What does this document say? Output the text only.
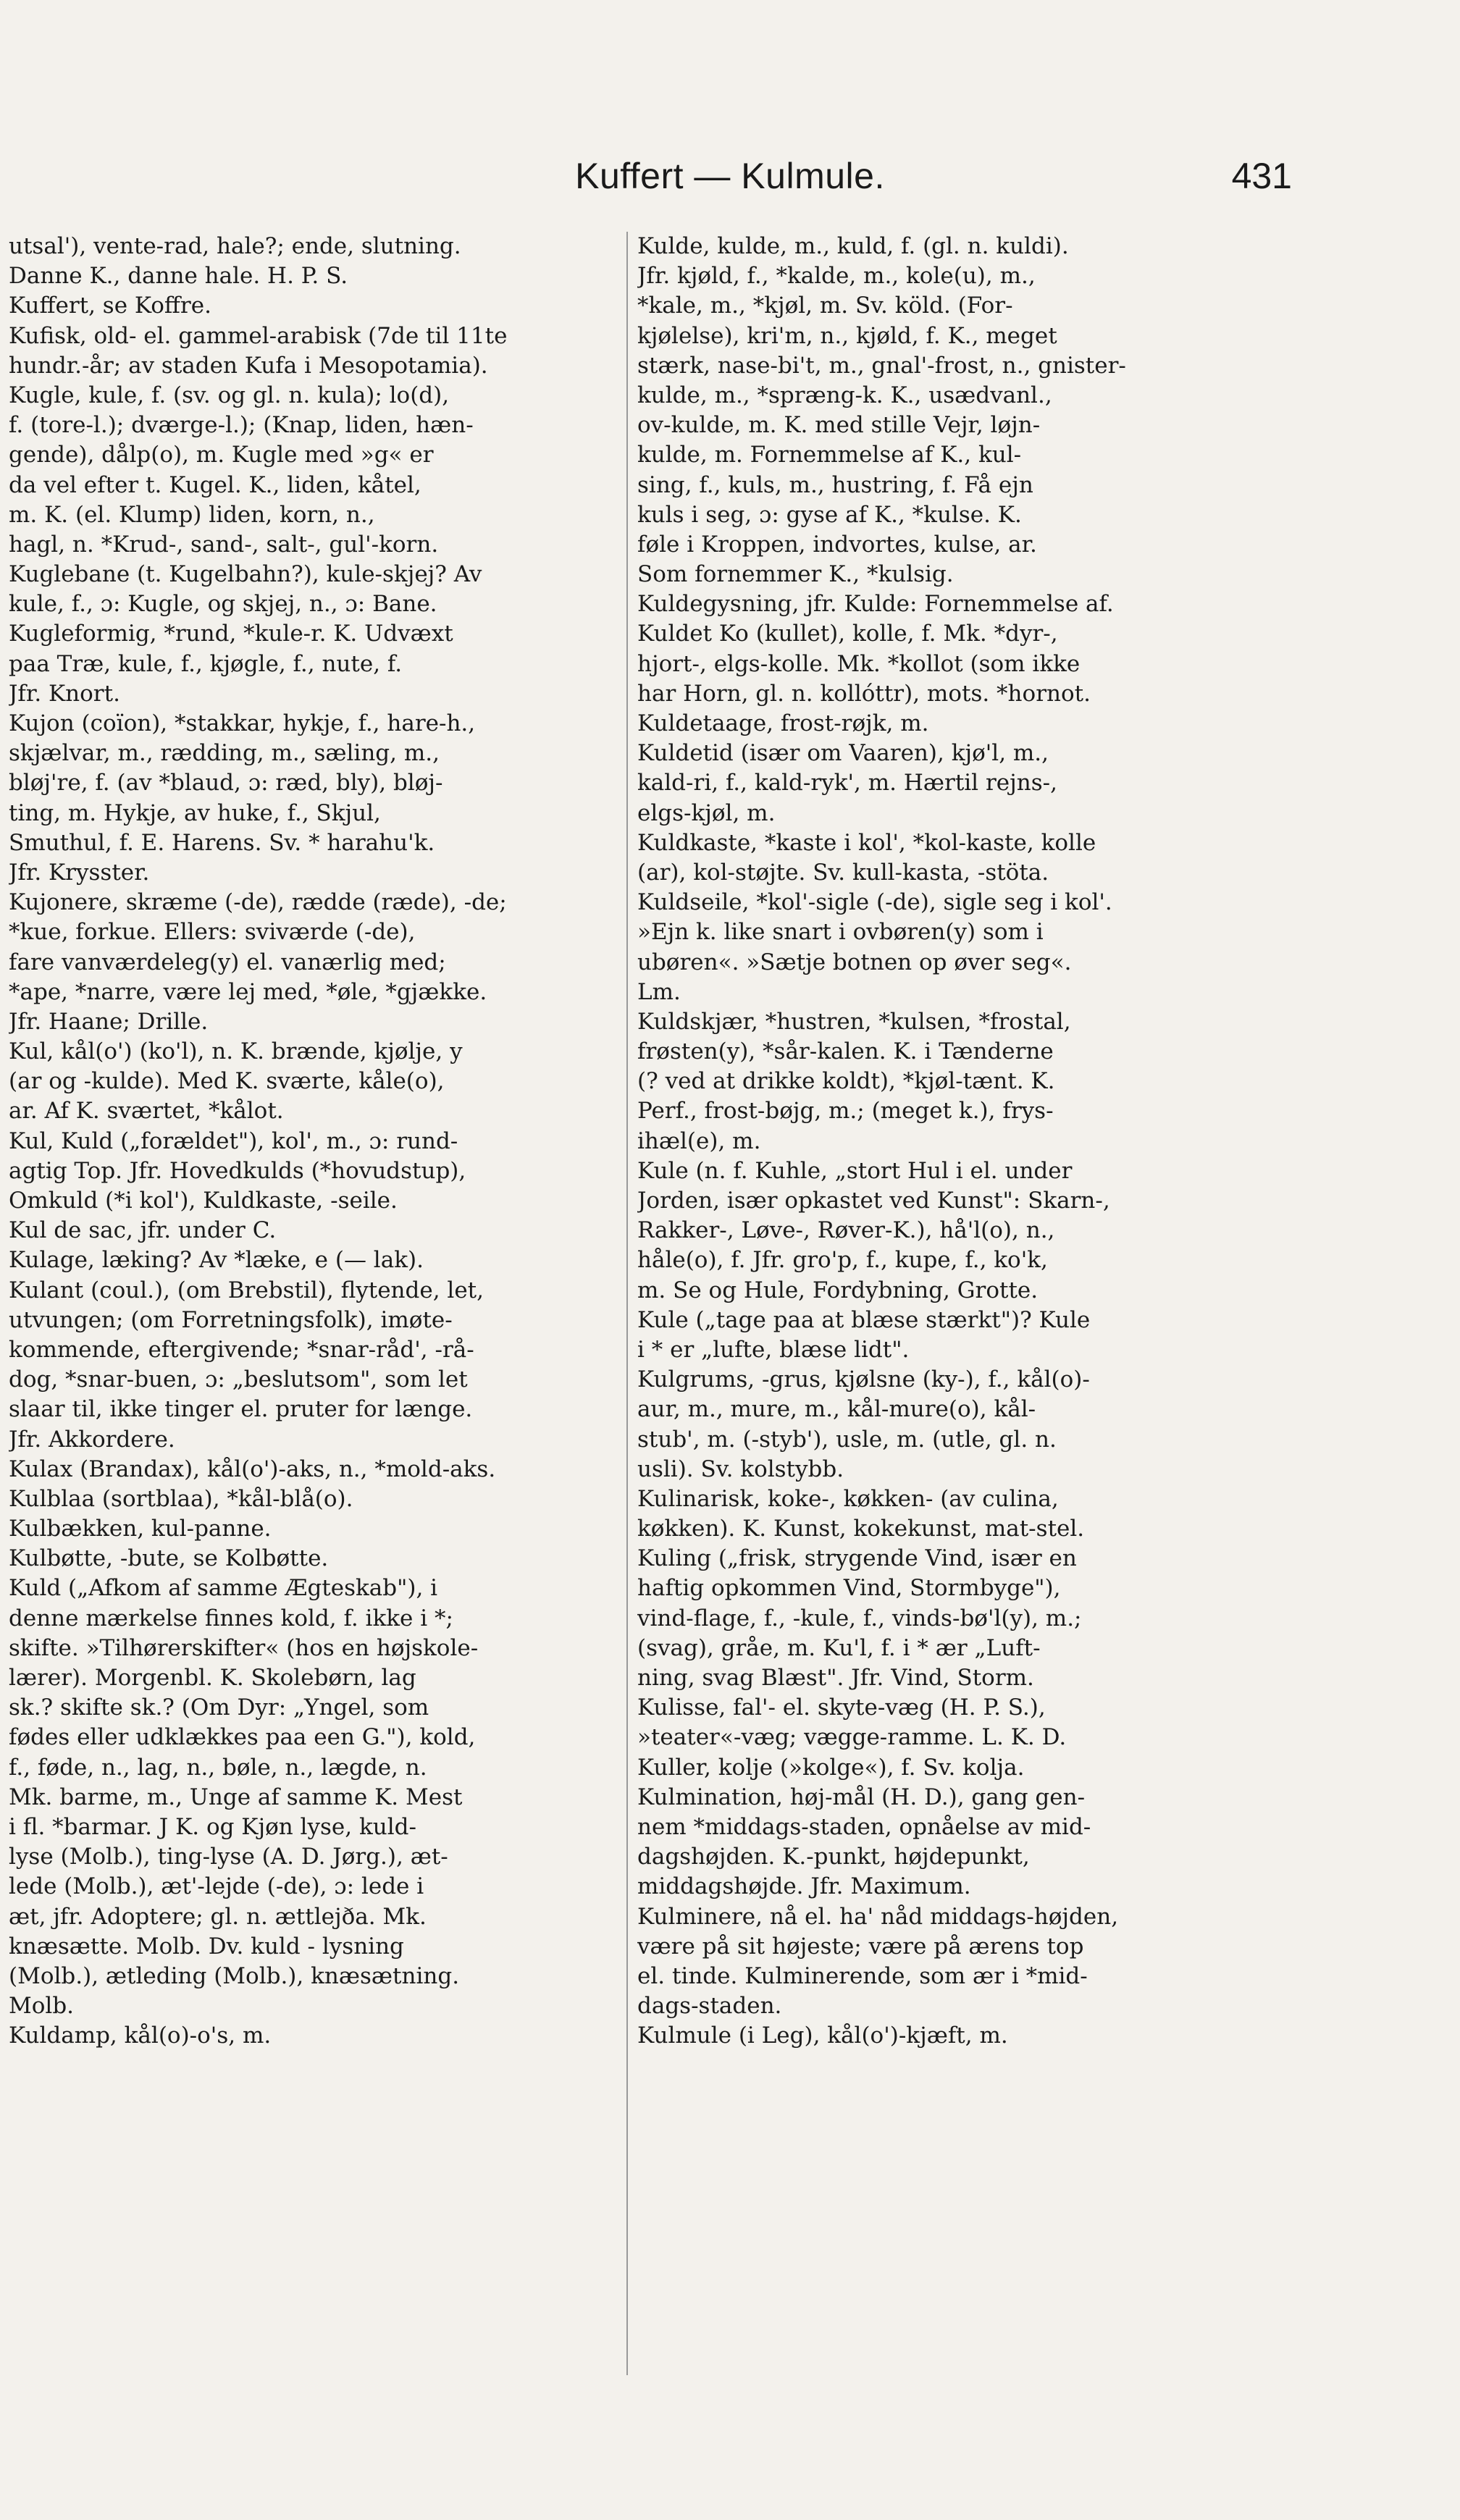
Kuffert — Kulmule.	431
utsal'), vente-rad, hale?; ende, slutning.
Danne K., danne hale. H. P. S.
Kuffert, se Koffre.
Kufisk, old- el. gammel-arabisk (7de til 11te
hundr.-år; av staden Kufa i Mesopotamia).
Kugle, kule, f. (sv. og gl. n. kula); lo(d),
f. (tore-l.); dværge-l.); (Knap, liden, hæn-
gende), dålp(o), m. Kugle med »g« er
da vel efter t. Kugel. K., liden, kåtel,
m. K. (el. Klump) liden, korn, n.,
hagl, n. *Krud-, sand-, salt-, gul'-korn.
Kuglebane (t. Kugelbahn?), kule-skjej? Av
kule, f., ɔ: Kugle, og skjej, n., ɔ: Bane.
Kugleformig, *rund, *kule-r. K. Udvæxt
paa Træ, kule, f., kjøgle, f., nute, f.
Jfr. Knort.
Kujon (coïon), *stakkar, hykje, f., hare-h.,
skjælvar, m., rædding, m., sæling, m.,
bløj're, f. (av *blaud, ɔ: ræd, bly), bløj-
ting, m. Hykje, av huke, f., Skjul,
Smuthul, f. E. Harens. Sv. * harahu'k.
Jfr. Krysster.
Kujonere, skræme (-de), rædde (ræde), -de;
*kue, forkue. Ellers: sviværde (-de),
fare vanværdeleg(y) el. vanærlig med;
*ape, *narre, være lej med, *øle, *gjække.
Jfr. Haane; Drille.
Kul, kål(o') (ko'l), n. K. brænde, kjølje, y
(ar og -kulde). Med K. sværte, kåle(o),
ar. Af K. sværtet, *kålot.
Kul, Kuld („forældet"), kol', m., ɔ: rund-
agtig Top. Jfr. Hovedkulds (*hovudstup),
Omkuld (*i kol'), Kuldkaste, -seile.
Kul de sac, jfr. under C.
Kulage, læking? Av *læke, e (— lak).
Kulant (coul.), (om Brebstil), flytende, let,
utvungen; (om Forretningsfolk), imøte-
kommende, eftergivende; *snar-råd', -rå-
dog, *snar-buen, ɔ: „beslutsom", som let
slaar til, ikke tinger el. pruter for længe.
Jfr. Akkordere.
Kulax (Brandax), kål(o')-aks, n., *mold-aks.
Kulblaa (sortblaa), *kål-blå(o).
Kulbækken, kul-panne.
Kulbøtte, -bute, se Kolbøtte.
Kuld („Afkom af samme Ægteskab"), i
denne mærkelse finnes kold, f. ikke i *;
skifte. »Tilhørerskifter« (hos en højskole-
lærer). Morgenbl. K. Skolebørn, lag
sk.? skifte sk.? (Om Dyr: „Yngel, som
fødes eller udklækkes paa een G."), kold,
f., føde, n., lag, n., bøle, n., lægde, n.
Mk. barme, m., Unge af samme K. Mest
i fl. *barmar. J K. og Kjøn lyse, kuld-
lyse (Molb.), ting-lyse (A. D. Jørg.), æt-
lede (Molb.), æt'-lejde (-de), ɔ: lede i
æt, jfr. Adoptere; gl. n. ættlejða. Mk.
knæsætte. Molb. Dv. kuld - lysning
(Molb.), ætleding (Molb.), knæsætning.
Molb.
Kuldamp, kål(o)-o's, m.
Kulde, kulde, m., kuld, f. (gl. n. kuldi).
Jfr. kjøld, f., *kalde, m., kole(u), m.,
*kale, m., *kjøl, m. Sv. köld. (For-
kjølelse), kri'm, n., kjøld, f. K., meget
stærk, nase-bi't, m., gnal'-frost, n., gnister-
kulde, m., *spræng-k. K., usædvanl.,
ov-kulde, m. K. med stille Vejr, løjn-
kulde, m. Fornemmelse af K., kul-
sing, f., kuls, m., hustring, f. Få ejn
kuls i seg, ɔ: gyse af K., *kulse. K.
føle i Kroppen, indvortes, kulse, ar.
Som fornemmer K., *kulsig.
Kuldegysning, jfr. Kulde: Fornemmelse af.
Kuldet Ko (kullet), kolle, f. Mk. *dyr-,
hjort-, elgs-kolle. Mk. *kollot (som ikke
har Horn, gl. n. kollóttr), mots. *hornot.
Kuldetaage, frost-røjk, m.
Kuldetid (især om Vaaren), kjø'l, m.,
kald-ri, f., kald-ryk', m. Hærtil rejns-,
elgs-kjøl, m.
Kuldkaste, *kaste i kol', *kol-kaste, kolle
(ar), kol-støjte. Sv. kull-kasta, -stöta.
Kuldseile, *kol'-sigle (-de), sigle seg i kol'.
»Ejn k. like snart i ovbøren(y) som i
ubøren«. »Sætje botnen op øver seg«.
Lm.
Kuldskjær, *hustren, *kulsen, *frostal,
frøsten(y), *sår-kalen. K. i Tænderne
(? ved at drikke koldt), *kjøl-tænt. K.
Perf., frost-bøjg, m.; (meget k.), frys-
ihæl(e), m.
Kule (n. f. Kuhle, „stort Hul i el. under
Jorden, især opkastet ved Kunst": Skarn-,
Rakker-, Løve-, Røver-K.), hå'l(o), n.,
håle(o), f. Jfr. gro'p, f., kupe, f., ko'k,
m. Se og Hule, Fordybning, Grotte.
Kule („tage paa at blæse stærkt")? Kule
i * er „lufte, blæse lidt".
Kulgrums, -grus, kjølsne (ky-), f., kål(o)-
aur, m., mure, m., kål-mure(o), kål-
stub', m. (-styb'), usle, m. (utle, gl. n.
usli). Sv. kolstybb.
Kulinarisk, koke-, køkken- (av culina,
køkken). K. Kunst, kokekunst, mat-stel.
Kuling („frisk, strygende Vind, især en
haftig opkommen Vind, Stormbyge"),
vind-flage, f., -kule, f., vinds-bø'l(y), m.;
(svag), gråe, m. Ku'l, f. i * ær „Luft-
ning, svag Blæst". Jfr. Vind, Storm.
Kulisse, fal'- el. skyte-væg (H. P. S.),
»teater«-væg; vægge-ramme. L. K. D.
Kuller, kolje (»kolge«), f. Sv. kolja.
Kulmination, høj-mål (H. D.), gang gen-
nem *middags-staden, opnåelse av mid-
dagshøjden. K.-punkt, højdepunkt,
middagshøjde. Jfr. Maximum.
Kulminere, nå el. ha' nåd middags-højden,
være på sit højeste; være på ærens top
el. tinde. Kulminerende, som ær i *mid-
dags-staden.
Kulmule (i Leg), kål(o')-kjæft, m.
